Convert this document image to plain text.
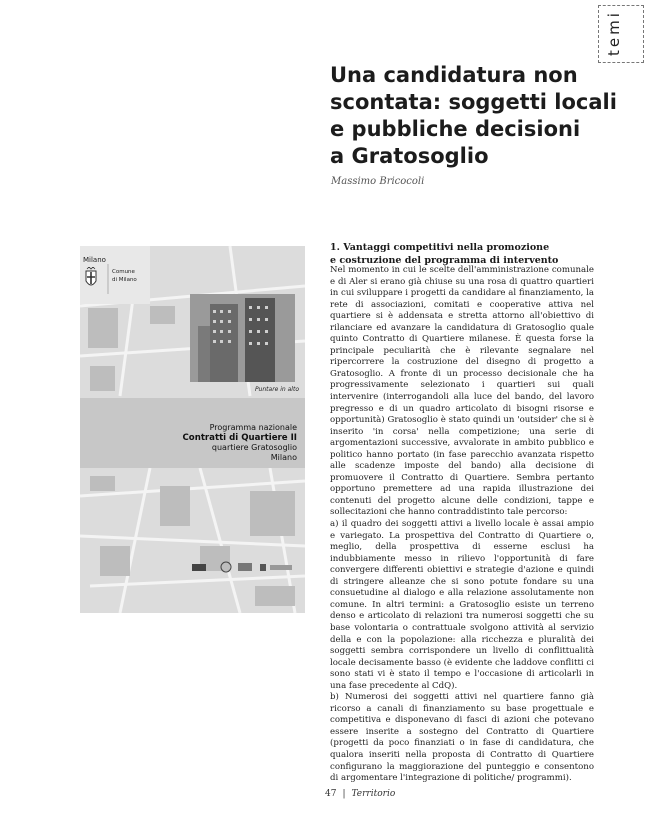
temi
Una candidatura non
scontata: soggetti locali
e pubbliche decisioni
a Gratosoglio
Massimo Bricocoli
Milano
Comune
di Milano
Puntare in alto
Programma nazionale
Contratti di Quartiere II
quartiere Gratosoglio
Milano
1. Vantaggi competitivi nella promozione
e costruzione del programma di intervento

Nel momento in cui le scelte dell'amministrazione comunale e di Aler si erano già chiuse su una rosa di quattro quartieri in cui sviluppare i progetti da candidare al finanziamento, la rete di associazioni, comitati e cooperative attiva nel quartiere si è addensata e stretta attorno all'obiettivo di rilanciare ed avanzare la candidatura di Gratosoglio quale quinto Contratto di Quartiere milanese. È questa forse la principale peculiarità che è rilevante segnalare nel ripercorrere la costruzione del disegno di progetto a Gratosoglio. A fronte di un processo decisionale che ha progressivamente selezionato i quartieri sui quali intervenire (interrogandoli alla luce del bando, del lavoro pregresso e di un quadro articolato di bisogni risorse e opportunità) Gratosoglio è stato quindi un 'outsider' che si è inserito 'in corsa' nella competizione; una serie di argomentazioni successive, avvalorate in ambito pubblico e politico hanno portato (in fase parecchio avanzata rispetto alle scadenze imposte del bando) alla decisione di promuovere il Contratto di Quartiere. Sembra pertanto opportuno premettere ad una rapida illustrazione dei contenuti del progetto alcune delle condizioni, tappe e sollecitazioni che hanno contraddistinto tale percorso:

a) il quadro dei soggetti attivi a livello locale è assai ampio e variegato. La prospettiva del Contratto di Quartiere o, meglio, della prospettiva di esserne esclusi ha indubbiamente messo in rilievo l'opportunità di fare convergere differenti obiettivi e strategie d'azione e quindi di stringere alleanze che si sono potute fondare su una consuetudine al dialogo e alla relazione assolutamente non comune. In altri termini: a Gratosoglio esiste un terreno denso e articolato di relazioni tra numerosi soggetti che su base volontaria o contrattuale svolgono attività al servizio della e con la popolazione: alla ricchezza e pluralità dei soggetti sembra corrispondere un livello di conflittualità locale decisamente basso (è evidente che laddove conflitti ci sono stati vi è stato il tempo e l'occasione di articolarli in una fase precedente al CdQ).

b) Numerosi dei soggetti attivi nel quartiere fanno già ricorso a canali di finanziamento su base progettuale e competitiva e disponevano di fasci di azioni che potevano essere inserite a sostegno del Contratto di Quartiere (progetti da poco finanziati o in fase di candidatura, che qualora inseriti nella proposta di Contratto di Quartiere configurano la maggiorazione del punteggio e consentono di argomentare l'integrazione di politiche/ programmi).

47 | Territorio
